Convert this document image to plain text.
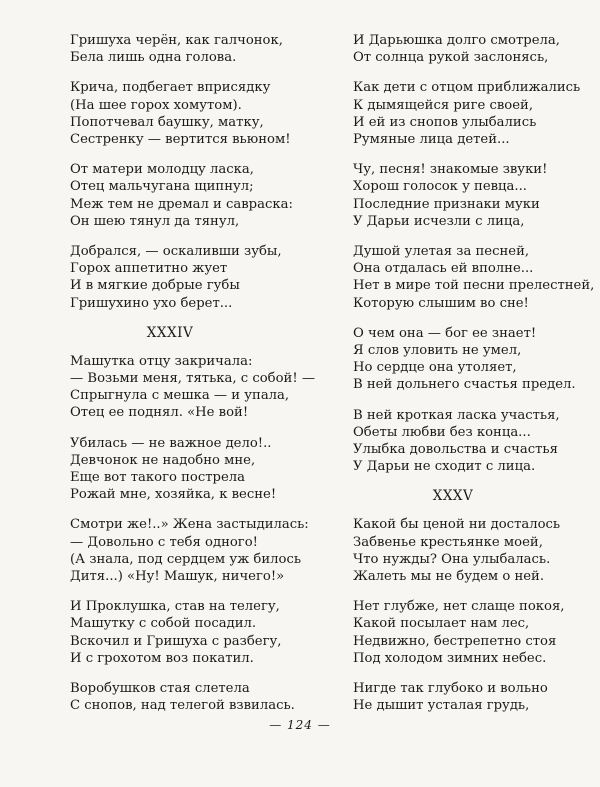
Гришуха черён, как галчонок,
Бела лишь одна голова.
Крича, подбегает вприсядку
(На шее горох хомутом).
Попотчевал баушку, матку,
Сестренку — вертится вьюном!
От матери молодцу ласка,
Отец мальчугана щипнул;
Меж тем не дремал и савраска:
Он шею тянул да тянул,
Добрался, — оскаливши зубы,
Горох аппетитно жует
И в мягкие добрые губы
Гришухино ухо берет...
XXXIV
Машутка отцу закричала:
— Возьми меня, тятька, с собой! —
Спрыгнула с мешка — и упала,
Отец ее поднял. «Не вой!
Убилась — не важное дело!..
Девчонок не надобно мне,
Еще вот такого пострела
Рожай мне, хозяйка, к весне!
Смотри же!..» Жена застыдилась:
— Довольно с тебя одного!
(А знала, под сердцем уж билось
Дитя...) «Ну! Машук, ничего!»
И Проклушка, став на телегу,
Машутку с собой посадил.
Вскочил и Гришуха с разбегу,
И с грохотом воз покатил.
Воробушков стая слетела
С снопов, над телегой взвилась.
И Дарьюшка долго смотрела,
От солнца рукой заслонясь,
Как дети с отцом приближались
К дымящейся риге своей,
И ей из снопов улыбались
Румяные лица детей...
Чу, песня! знакомые звуки!
Хорош голосок у певца...
Последние признаки муки
У Дарьи исчезли с лица,
Душой улетая за песней,
Она отдалась ей вполне...
Нет в мире той песни прелестней,
Которую слышим во сне!
О чем она — бог ее знает!
Я слов уловить не умел,
Но сердце она утоляет,
В ней дольнего счастья предел.
В ней кроткая ласка участья,
Обеты любви без конца...
Улыбка довольства и счастья
У Дарьи не сходит с лица.
XXXV
Какой бы ценой ни досталось
Забвенье крестьянке моей,
Что нужды? Она улыбалась.
Жалеть мы не будем о ней.
Нет глубже, нет слаще покоя,
Какой посылает нам лес,
Недвижно, бестрепетно стоя
Под холодом зимних небес.
Нигде так глубоко и вольно
Не дышит усталая грудь,
— 124 —
